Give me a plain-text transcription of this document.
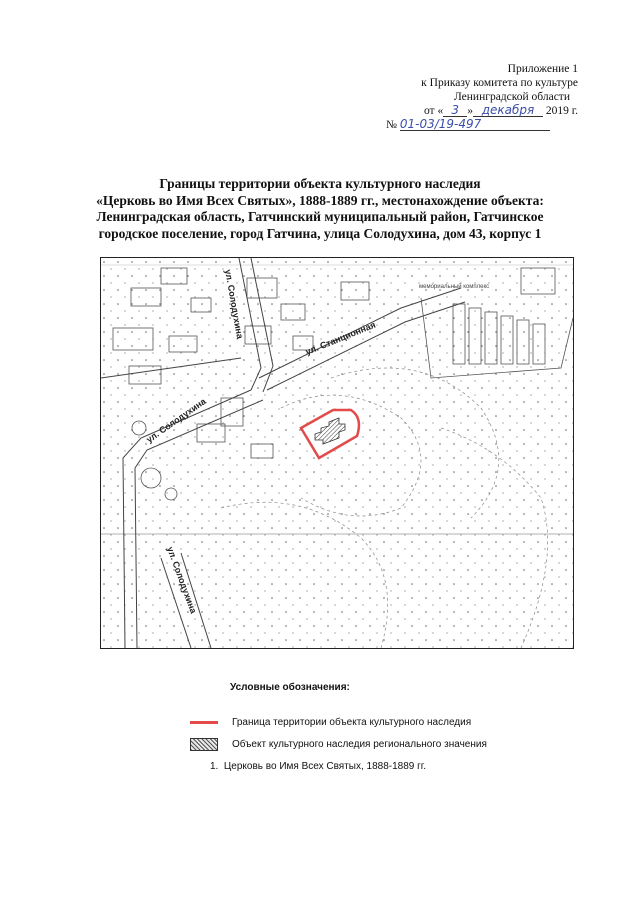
Приложение 1
к Приказу комитета по культуре
Ленинградской области
от « 3 » декабря 2019 г.
№ 01-03/19-497
Границы территории объекта культурного наследия
«Церковь во Имя Всех Святых», 1888-1889 гг., местонахождение объекта:
Ленинградская область, Гатчинский муниципальный район, Гатчинское
городское поселение, город Гатчина, улица Солодухина, дом 43, корпус 1
ул. Солодухина	ул. Станционная
ул. Солодухина
ул. Солодухина
мемориальный комплекс
Условные обозначения:
Граница территории объекта культурного наследия
Объект культурного наследия регионального значения
1. Церковь во Имя Всех Святых, 1888-1889 гг.
